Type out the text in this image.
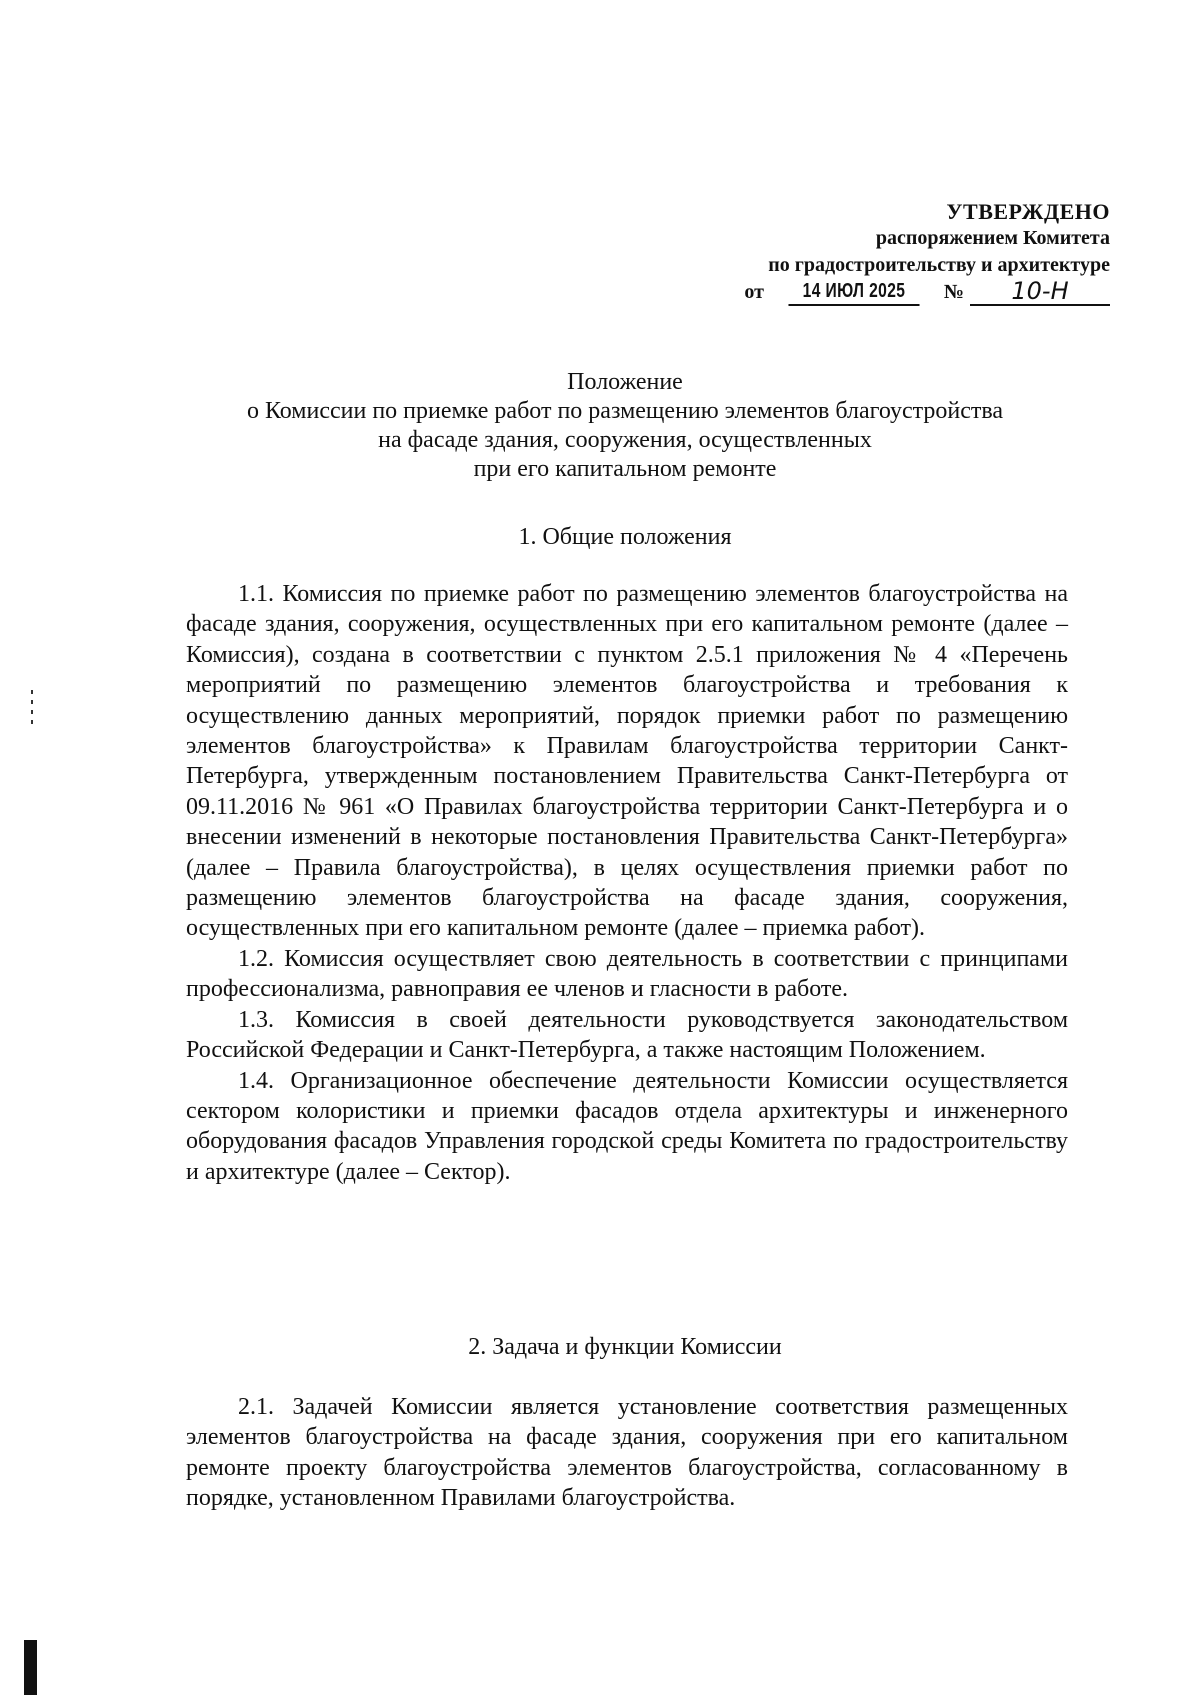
УТВЕРЖДЕНО
распоряжением Комитета
по градостроительству и архитектуре
от	14 ИЮЛ 2025	№	10-Н
Положение
о Комиссии по приемке работ по размещению элементов благоустройства
на фасаде здания, сооружения, осуществленных
при его капитальном ремонте
1. Общие положения

1.1. Комиссия по приемке работ по размещению элементов благоустройства на фасаде здания, сооружения, осуществленных при его капитальном ремонте (далее – Комиссия), создана в соответствии с пунктом 2.5.1 приложения № 4 «Перечень мероприятий по размещению элементов благоустройства и требования к осуществлению данных мероприятий, порядок приемки работ по размещению элементов благоустройства» к Правилам благоустройства территории Санкт-Петербурга, утвержденным постановлением Правительства Санкт-Петербурга от 09.11.2016 № 961 «О Правилах благоустройства территории Санкт-Петербурга и о внесении изменений в некоторые постановления Правительства Санкт-Петербурга» (далее – Правила благоустройства), в целях осуществления приемки работ по размещению элементов благоустройства на фасаде здания, сооружения, осуществленных при его капитальном ремонте (далее – приемка работ).

1.2. Комиссия осуществляет свою деятельность в соответствии с принципами профессионализма, равноправия ее членов и гласности в работе.

1.3. Комиссия в своей деятельности руководствуется законодательством Российской Федерации и Санкт-Петербурга, а также настоящим Положением.

1.4. Организационное обеспечение деятельности Комиссии осуществляется сектором колористики и приемки фасадов отдела архитектуры и инженерного оборудования фасадов Управления городской среды Комитета по градостроительству и архитектуре (далее – Сектор).

2. Задача и функции Комиссии

2.1. Задачей Комиссии является установление соответствия размещенных элементов благоустройства на фасаде здания, сооружения при его капитальном ремонте проекту благоустройства элементов благоустройства, согласованному в порядке, установленном Правилами благоустройства.
